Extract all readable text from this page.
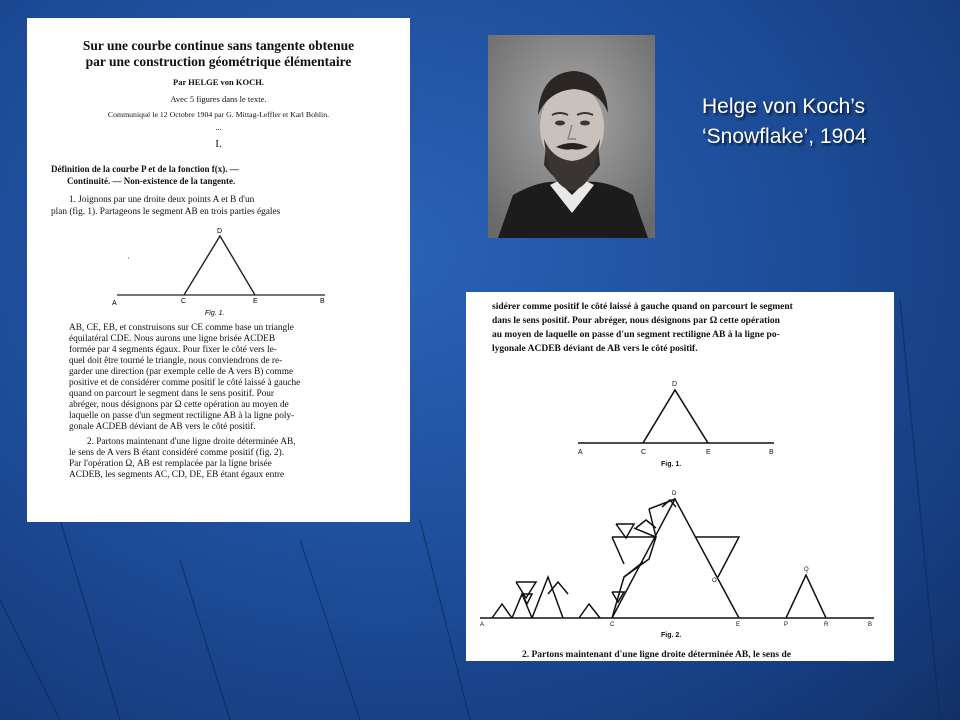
Sur une courbe continue sans tangente obtenue
par une construction géométrique élémentaire
Par HELGE von KOCH.
Avec 5 figures dans le texte.
Communiqué le 12 Octobre 1904 par G. Mittag-Leffler et Karl Bohlin.
...
I.
Définition de la courbe P et de la fonction f(x). —
Continuité. — Non-existence de la tangente.
1. Joignons par une droite deux points A et B d'un
plan (fig. 1). Partageons le segment AB en trois parties égales
A	C
D
E	B
Fig. 1.
AB, CE, EB, et construisons sur CE comme base un triangle
équilatéral CDE. Nous aurons une ligne brisée ACDEB
formée par 4 segments égaux. Pour fixer le côté vers le-
quel doit être tourné le triangle, nous conviendrons de re-
garder une direction (par exemple celle de A vers B) comme
positive et de considérer comme positif le côté laissé à gauche
quand on parcourt le segment dans le sens positif. Pour
abréger, nous désignons par Ω cette opération au moyen de
laquelle on passe d'un segment rectiligne AB à la ligne poly-
gonale ACDEB déviant de AB vers le côté positif.
2. Partons maintenant d'une ligne droite déterminée AB,
le sens de A vers B étant considéré comme positif (fig. 2).
Par l'opération Ω, AB est remplacée par la ligne brisée
ACDEB, les segments AC, CD, DE, EB étant égaux entre
Helge von Koch’s
‘Snowflake’, 1904
sidérer comme positif le côté laissé à gauche quand on parcourt le segment
dans le sens positif. Pour abréger, nous désignons par Ω cette opération
au moyen de laquelle on passe d'un segment rectiligne AB à la ligne po-
lygonale ACDEB déviant de AB vers le côté positif.
A	C
D
E	B
Fig. 1.
A	C	E	B
D
Q
P	R
O
Fig. 2.
2. Partons maintenant d'une ligne droite déterminée AB, le sens de
